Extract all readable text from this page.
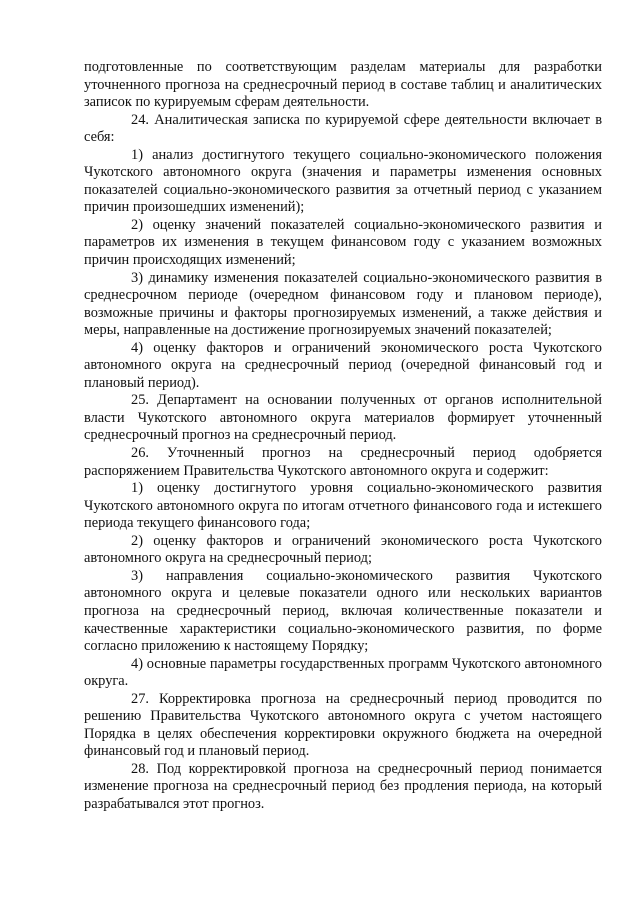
подготовленные по соответствующим разделам материалы для разработки уточненного прогноза на среднесрочный период в составе таблиц и аналитических записок по курируемым сферам деятельности.

24. Аналитическая записка по курируемой сфере деятельности включает в себя:

1) анализ достигнутого текущего социально-экономического положения Чукотского автономного округа (значения и параметры изменения основных показателей социально-экономического развития за отчетный период с указанием причин произошедших изменений);

2) оценку значений показателей социально-экономического развития и параметров их изменения в текущем финансовом году с указанием возможных причин происходящих изменений;

3) динамику изменения показателей социально-экономического развития в среднесрочном периоде (очередном финансовом году и плановом периоде), возможные причины и факторы прогнозируемых изменений, а также действия и меры, направленные на достижение прогнозируемых значений показателей;

4) оценку факторов и ограничений экономического роста Чукотского автономного округа на среднесрочный период (очередной финансовый год и плановый период).

25. Департамент на основании полученных от органов исполнительной власти Чукотского автономного округа материалов формирует уточненный среднесрочный прогноз на среднесрочный период.

26. Уточненный прогноз на среднесрочный период одобряется распоряжением Правительства Чукотского автономного округа и содержит:

1) оценку достигнутого уровня социально-экономического развития Чукотского автономного округа по итогам отчетного финансового года и истекшего периода текущего финансового года;

2) оценку факторов и ограничений экономического роста Чукотского автономного округа на среднесрочный период;

3) направления социально-экономического развития Чукотского автономного округа и целевые показатели одного или нескольких вариантов прогноза на среднесрочный период, включая количественные показатели и качественные характеристики социально-экономического развития, по форме согласно приложению к настоящему Порядку;

4) основные параметры государственных программ Чукотского автономного округа.

27. Корректировка прогноза на среднесрочный период проводится по решению Правительства Чукотского автономного округа с учетом настоящего Порядка в целях обеспечения корректировки окружного бюджета на очередной финансовый год и плановый период.

28. Под корректировкой прогноза на среднесрочный период понимается изменение прогноза на среднесрочный период без продления периода, на который разрабатывался этот прогноз.
